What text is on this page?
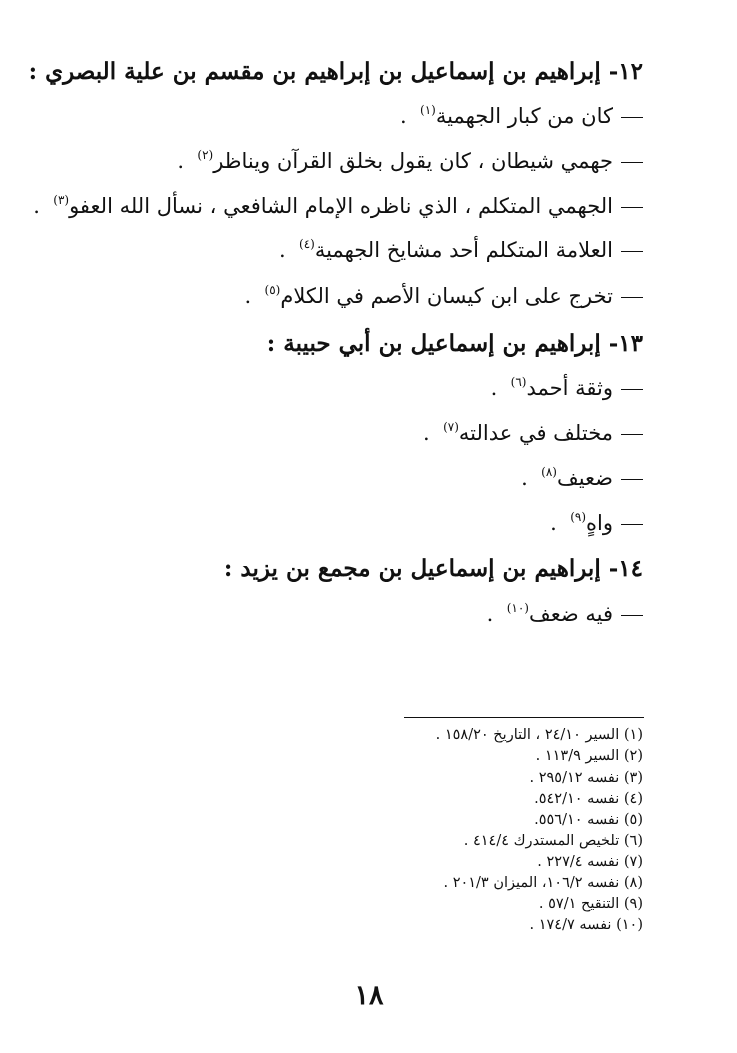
١٢- إبراهيم بن إسماعيل بن إبراهيم بن مقسم بن علية البصري :
كان من كبار الجهمية$^{(١)}$  .
جهمي شيطان ، كان يقول بخلق القرآن ويناظر$^{(٢)}$  .
الجهمي المتكلم ، الذي ناظره الإمام الشافعي ، نسأل الله العفو$^{(٣)}$  .
العلامة المتكلم أحد مشايخ الجهمية$^{(٤)}$  .
تخرج على ابن كيسان الأصم في الكلام$^{(٥)}$  .
١٣- إبراهيم بن إسماعيل بن أبي حبيبة :
وثقة أحمد$^{(٦)}$  .
مختلف في عدالته$^{(٧)}$  .
ضعيف$^{(٨)}$  .
واهٍ$^{(٩)}$  .
١٤- إبراهيم بن إسماعيل بن مجمع بن يزيد :
فيه ضعف$^{(١٠)}$  .
(١) السير ٢٤/١٠ ، التاريخ ١٥٨/٢٠ .
(٢) السير ١١٣/٩ .
(٣) نفسه ٢٩٥/١٢ .
(٤) نفسه ٥٤٢/١٠.
(٥) نفسه ٥٥٦/١٠.
(٦) تلخيص المستدرك ٤١٤/٤ .
(٧) نفسه ٢٢٧/٤ .
(٨) نفسه ١٠٦/٢، الميزان ٢٠١/٣ .
(٩) التنقيح ٥٧/١ .
(١٠) نفسه ١٧٤/٧ .
١٨
